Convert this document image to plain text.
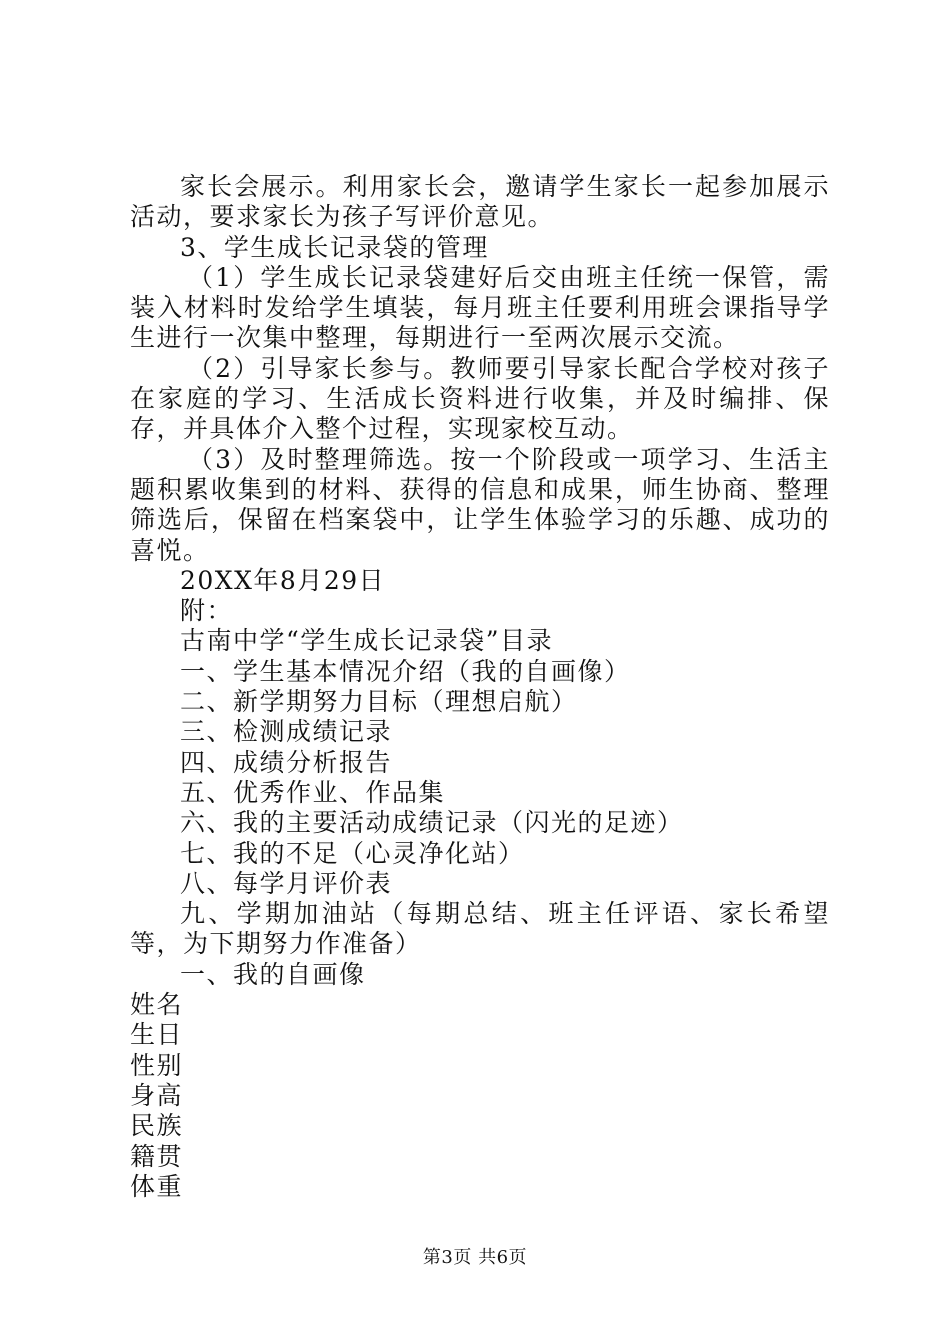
家长会展示。利用家长会，邀请学生家长一起参加展示活动，要求家长为孩子写评价意见。

3、学生成长记录袋的管理

（1）学生成长记录袋建好后交由班主任统一保管，需装入材料时发给学生填装，每月班主任要利用班会课指导学生进行一次集中整理，每期进行一至两次展示交流。

（2）引导家长参与。教师要引导家长配合学校对孩子在家庭的学习、生活成长资料进行收集，并及时编排、保存，并具体介入整个过程，实现家校互动。

（3）及时整理筛选。按一个阶段或一项学习、生活主题积累收集到的材料、获得的信息和成果，师生协商、整理筛选后，保留在档案袋中，让学生体验学习的乐趣、成功的喜悦。

20XX年8月29日

附：

古南中学“学生成长记录袋”目录

一、学生基本情况介绍（我的自画像）

二、新学期努力目标（理想启航）

三、检测成绩记录

四、成绩分析报告

五、优秀作业、作品集

六、我的主要活动成绩记录（闪光的足迹）

七、我的不足（心灵净化站）

八、每学月评价表

九、学期加油站（每期总结、班主任评语、家长希望等，为下期努力作准备）

一、我的自画像

姓名

生日

性别

身高

民族

籍贯

体重

第3页 共6页
